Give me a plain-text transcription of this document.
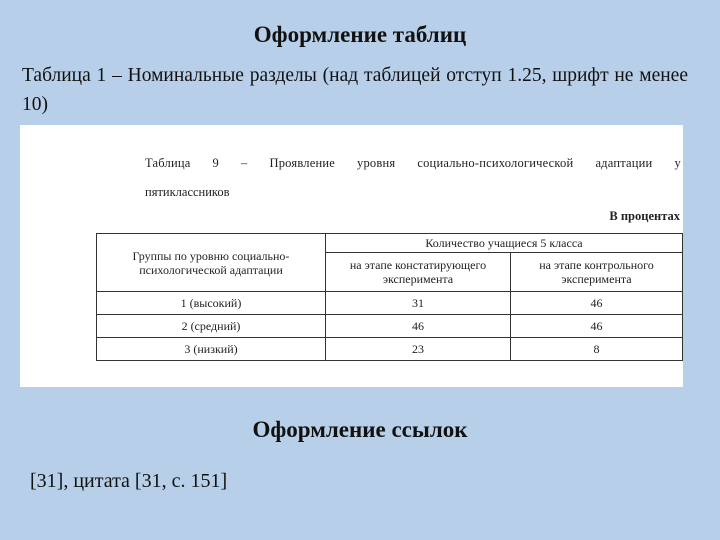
Оформление таблиц
Таблица 1 – Номинальные разделы (над таблицей отступ 1.25, шрифт не менее 10)
Таблица 9 – Проявление уровня социально-психологической адаптации у
пятиклассников
В процентах
Группы по уровню социально-психологической адаптации	Количество учащиеся 5 класса	
	на этапе констатирующего эксперимента	на этапе контрольного эксперимента
1 (высокий)	31	46
2 (средний)	46	46
3 (низкий)	23	8
Оформление ссылок
[31], цитата [31, с. 151]
